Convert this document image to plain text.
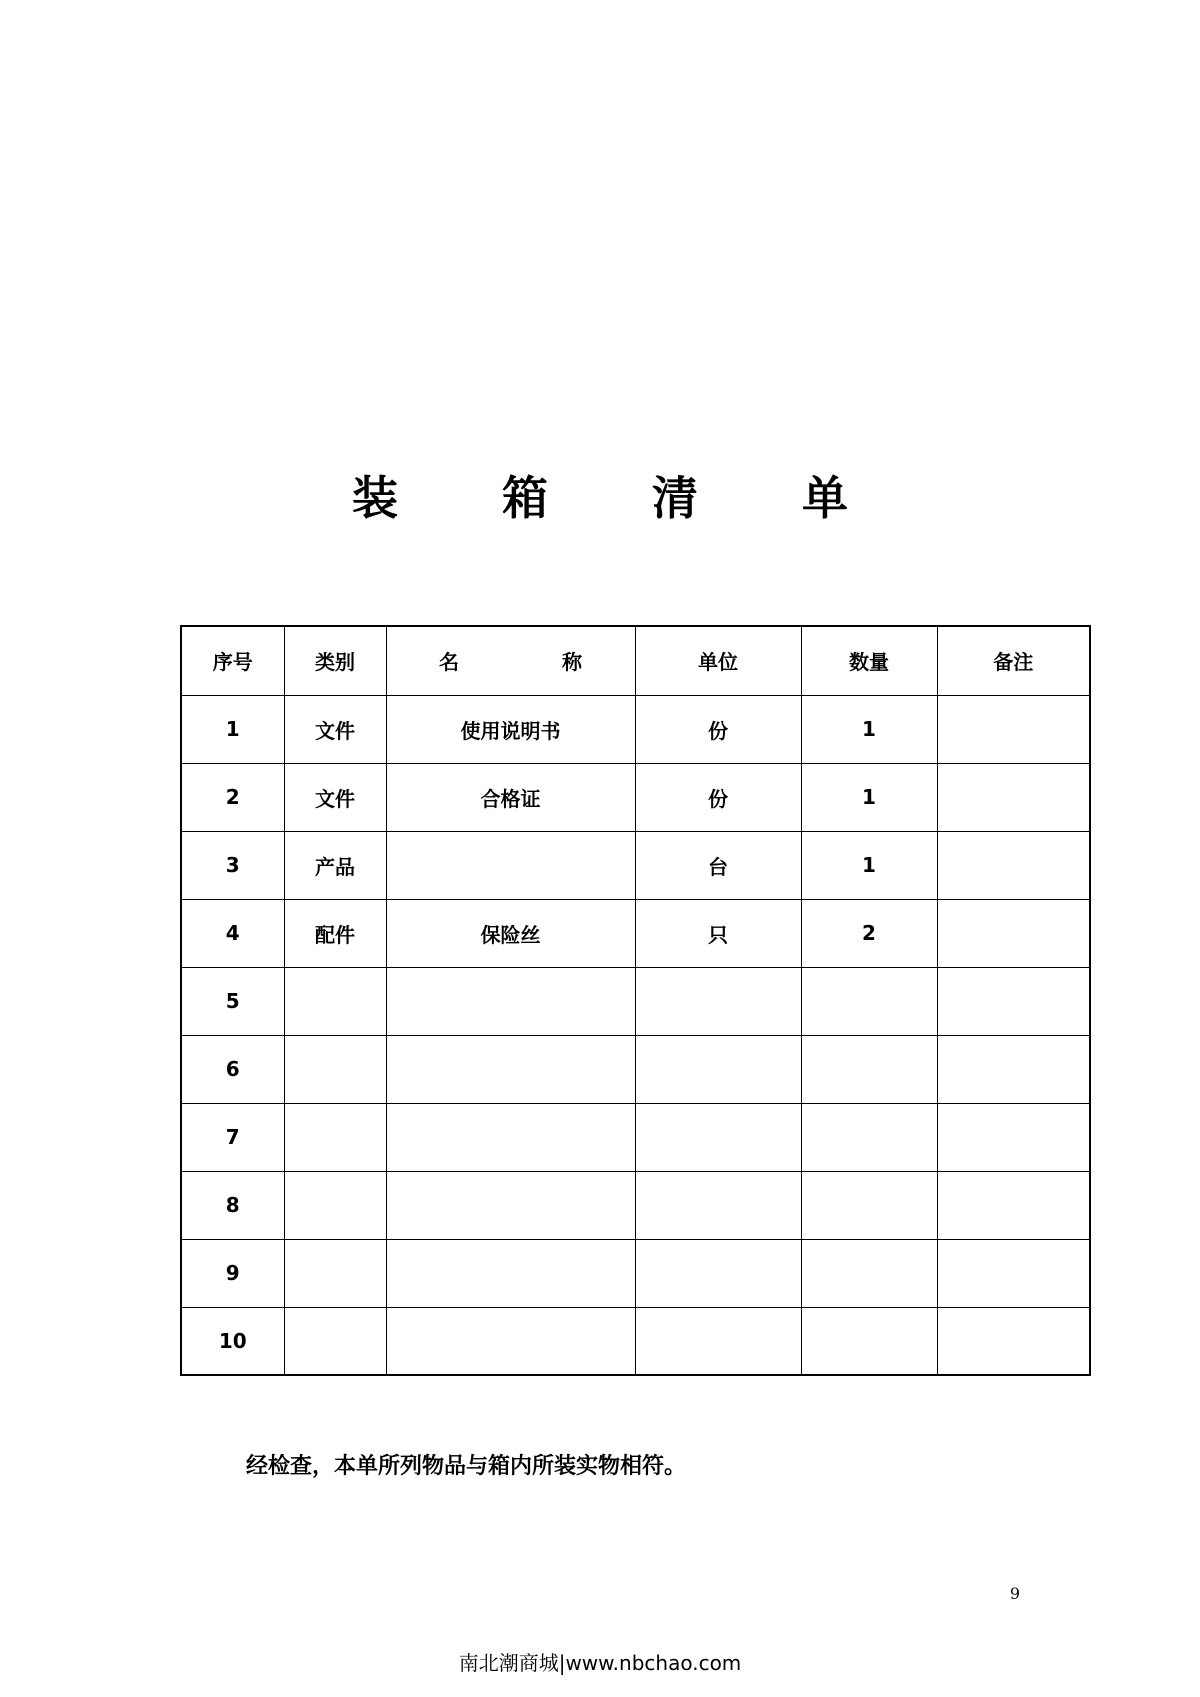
装 箱 清 单
序号	类别	名 称	单位	数量	备注
1	文件	使用说明书	份	1	
2	文件	合格证	份	1	
3	产品		台	1	
4	配件	保险丝	只	2	
5					
6					
7					
8					
9					
10					
经检查，本单所列物品与箱内所装实物相符。
9
南北潮商城|www.nbchao.com
